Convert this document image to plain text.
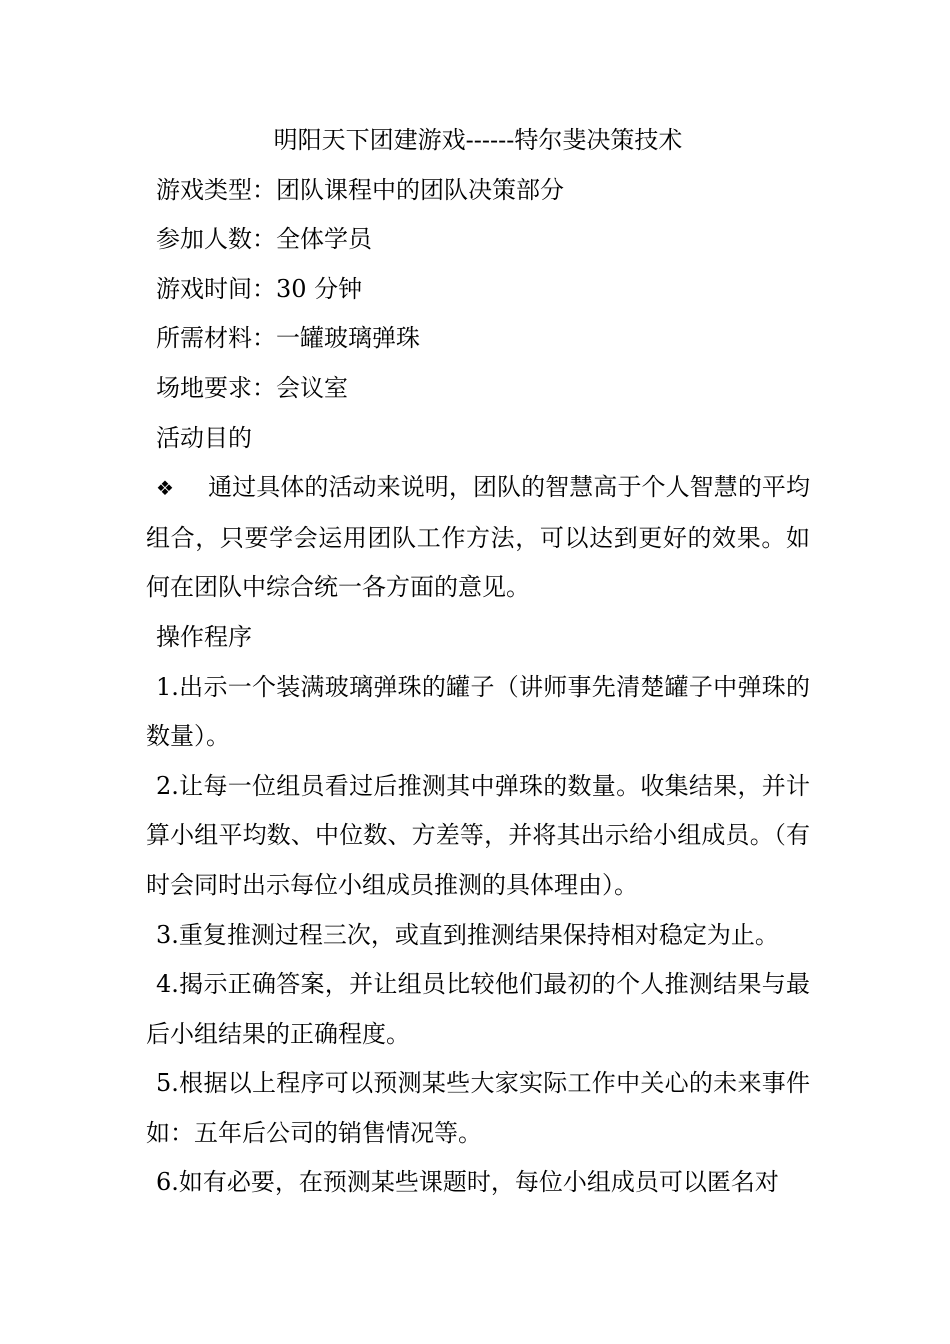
明阳天下团建游戏------特尔斐决策技术

游戏类型：团队课程中的团队决策部分

参加人数：全体学员

游戏时间：30 分钟

所需材料：一罐玻璃弹珠

场地要求：会议室

活动目的

❖ 通过具体的活动来说明，团队的智慧高于个人智慧的平均组合，只要学会运用团队工作方法，可以达到更好的效果。如何在团队中综合统一各方面的意见。

操作程序

1.出示一个装满玻璃弹珠的罐子（讲师事先清楚罐子中弹珠的数量）。

2.让每一位组员看过后推测其中弹珠的数量。收集结果，并计算小组平均数、中位数、方差等，并将其出示给小组成员。（有时会同时出示每位小组成员推测的具体理由）。

3.重复推测过程三次，或直到推测结果保持相对稳定为止。

4.揭示正确答案，并让组员比较他们最初的个人推测结果与最后小组结果的正确程度。

5.根据以上程序可以预测某些大家实际工作中关心的未来事件如：五年后公司的销售情况等。

6.如有必要，在预测某些课题时，每位小组成员可以匿名对
